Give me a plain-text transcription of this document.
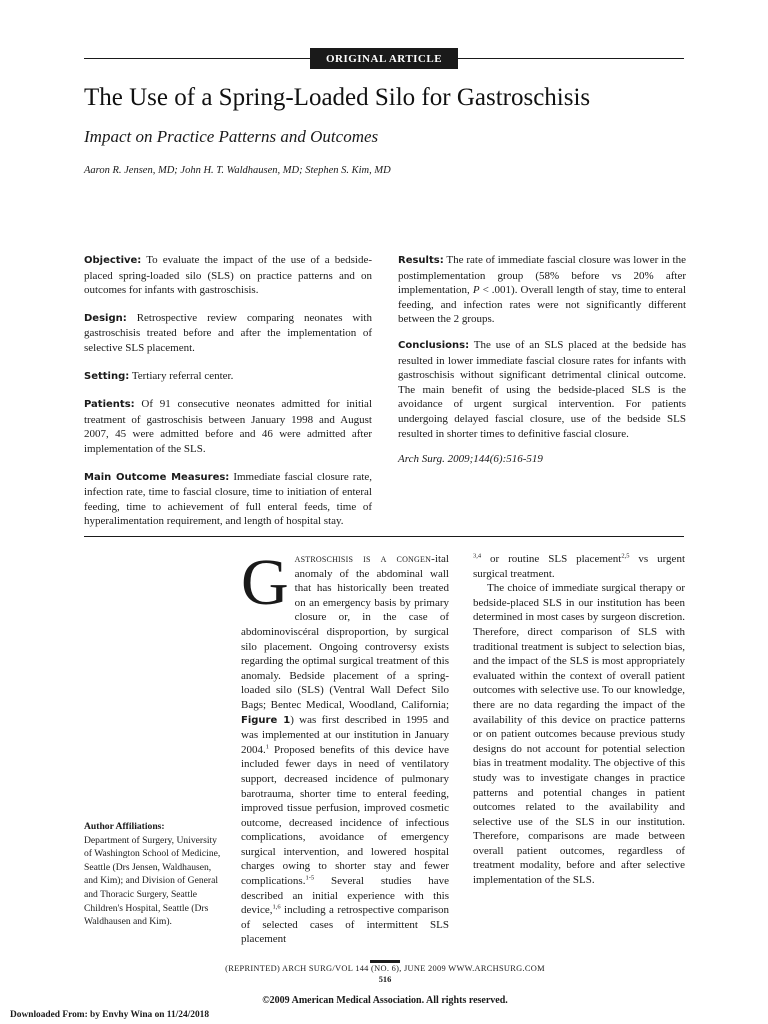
ORIGINAL ARTICLE
The Use of a Spring-Loaded Silo for Gastroschisis
Impact on Practice Patterns and Outcomes
Aaron R. Jensen, MD; John H. T. Waldhausen, MD; Stephen S. Kim, MD

Objective: To evaluate the impact of the use of a bedside-placed spring-loaded silo (SLS) on practice patterns and on outcomes for infants with gastroschisis.

Design: Retrospective review comparing neonates with gastroschisis treated before and after the implementation of selective SLS placement.

Setting: Tertiary referral center.

Patients: Of 91 consecutive neonates admitted for initial treatment of gastroschisis between January 1998 and August 2007, 45 were admitted before and 46 were admitted after implementation of the SLS.

Main Outcome Measures: Immediate fascial closure rate, infection rate, time to fascial closure, time to initiation of enteral feeding, time to achievement of full enteral feeds, time of hyperalimentation requirement, and length of hospital stay.

Results: The rate of immediate fascial closure was lower in the postimplementation group (58% before vs 20% after implementation, P < .001). Overall length of stay, time to enteral feeding, and infection rates were not significantly different between the 2 groups.

Conclusions: The use of an SLS placed at the bedside has resulted in lower immediate fascial closure rates for infants with gastroschisis without significant detrimental clinical outcome. The main benefit of using the bedside-placed SLS is the avoidance of urgent surgical intervention. For patients undergoing delayed fascial closure, use of the bedside SLS resulted in shorter times to definitive fascial closure.

Arch Surg. 2009;144(6):516-519

Gastroschisis is a congen-ital anomaly of the abdominal wall that has historically been treated on an emergency basis by primary closure or, in the case of abdominoviscéral disproportion, by surgical silo placement. Ongoing controversy exists regarding the optimal surgical treatment of this anomaly. Bedside placement of a spring-loaded silo (SLS) (Ventral Wall Defect Silo Bags; Bentec Medical, Woodland, California; Figure 1) was first described in 1995 and was implemented at our institution in January 2004.$^1$ Proposed benefits of this device have included fewer days in need of ventilatory support, decreased incidence of pulmonary barotrauma, shorter time to enteral feeding, improved tissue perfusion, improved cosmetic outcome, decreased incidence of infectious complications, avoidance of emergency surgical intervention, and lowered hospital charges owing to shorter stay and fewer complications.$^{1-5}$ Several studies have described an initial experience with this device,$^{1,6}$ including a retrospective comparison of selected cases of intermittent SLS placement
$^{3,4}$ or routine SLS placement$^{2,5}$ vs urgent surgical treatment.
The choice of immediate surgical therapy or bedside-placed SLS in our institution has been determined in most cases by surgeon discretion. Therefore, direct comparison of SLS with traditional treatment is subject to selection bias, and the impact of the SLS is most appropriately evaluated within the context of overall patient outcomes with selective use. To our knowledge, there are no data regarding the impact of the availability of this device on practice patterns or on patient outcomes because previous study designs do not account for potential selection bias in treatment modality. The objective of this study was to investigate changes in practice patterns and potential changes in patient outcomes related to the availability and selective use of the SLS in our institution. Therefore, comparisons are made between overall patient outcomes, regardless of treatment modality, before and after selective implementation of the SLS.
Author Affiliations:
Department of Surgery, University of Washington School of Medicine, Seattle (Drs Jensen, Waldhausen, and Kim); and Division of General and Thoracic Surgery, Seattle Children's Hospital, Seattle (Drs Waldhausen and Kim).
(REPRINTED) ARCH SURG/VOL 144 (NO. 6), JUNE 2009 WWW.ARCHSURG.COM
516
©2009 American Medical Association. All rights reserved.
Downloaded From: by Envhy Wina on 11/24/2018
